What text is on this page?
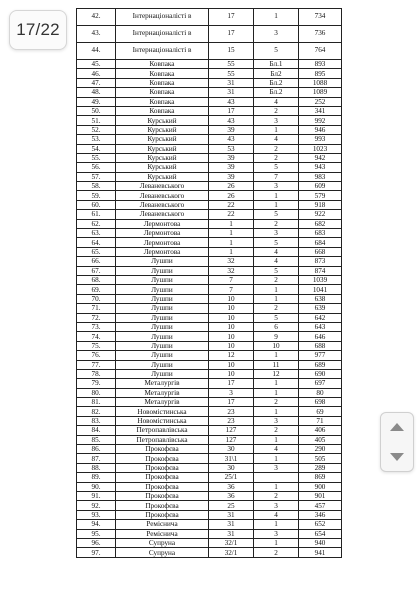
17/22
42.	Інтернаціоналісті в	17	1	734
43.	Інтернаціоналісті в	17	3	736
44.	Інтернаціоналісті в	15	5	764
45.	Ковпака	55	Бл.1	893
46.	Ковпака	55	Бл2	895
47.	Ковпака	31	Бл.2	1088
48.	Ковпака	31	Бл.2	1089
49.	Ковпака	43	4	252
50.	Ковпака	17	2	341
51.	Курський	43	3	992
52.	Курський	39	1	946
53.	Курський	43	4	993
54.	Курський	53	2	1023
55.	Курський	39	2	942
56.	Курський	39	5	943
57.	Курський	39	7	983
58.	Леваневського	26	3	609
59.	Леваневського	26	1	579
60.	Леваневського	22	1	918
61.	Леваневського	22	5	922
62.	Лермонтова	1	2	682
63.	Лермонтова	1	3	683
64.	Лермонтова	1	5	684
65.	Лермонтова	1	4	668
66.	Лушпи	32	4	873
67.	Лушпи	32	5	874
68.	Лушпи	7	2	1039
69.	Лушпи	7	1	1041
70.	Лушпи	10	1	638
71.	Лушпи	10	2	639
72.	Лушпи	10	5	642
73.	Лушпи	10	6	643
74.	Лушпи	10	9	646
75.	Лушпи	10	10	688
76.	Лушпи	12	1	977
77.	Лушпи	10	11	689
78.	Лушпи	10	12	690
79.	Металургів	17	1	697
80.	Металургів	3	1	80
81.	Металургів	17	2	698
82.	Новомістинська	23	1	69
83.	Новомістинська	23	3	71
84.	Петропавлівська	127	2	406
85.	Петропавлівська	127	1	405
86.	Прокофєва	30	4	290
87.	Прокофєва	31\1	1	505
88.	Прокофєва	30	3	289
89.	Прокофєва	25/1		869
90.	Прокофєва	36	1	900
91.	Прокофєва	36	2	901
92.	Прокофєва	25	3	457
93.	Прокофєва	31	4	346
94.	Реміснича	31	1	652
95.	Реміснича	31	3	654
96.	Супруна	32/1	1	940
97.	Супруна	32/1	2	941
